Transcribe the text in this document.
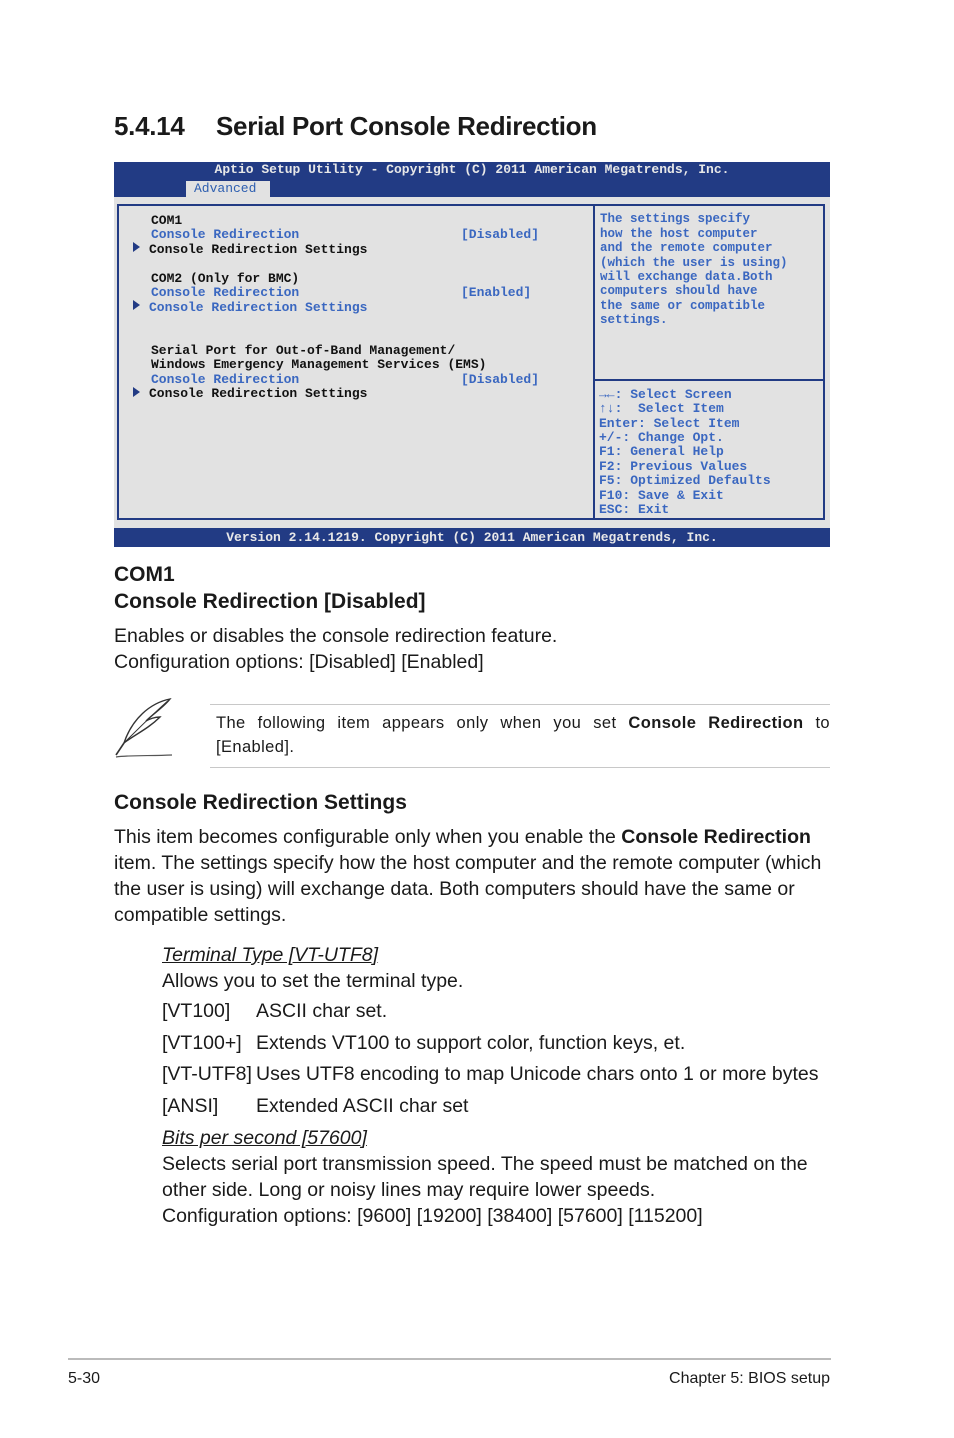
5.4.14 Serial Port Console Redirection
Aptio Setup Utility - Copyright (C) 2011 American Megatrends, Inc.
Advanced
COM1
Console Redirection	[Disabled]
Console Redirection Settings
COM2 (Only for BMC)
Console Redirection	[Enabled]
Console Redirection Settings
Serial Port for Out-of-Band Management/
Windows Emergency Management Services (EMS)
Console Redirection	[Disabled]
Console Redirection Settings
The settings specify
how the host computer
and the remote computer
(which the user is using)
will exchange data.Both
computers should have
the same or compatible
settings.
→←: Select Screen
↑↓:  Select Item
Enter: Select Item
+/-: Change Opt.
F1: General Help
F2: Previous Values
F5: Optimized Defaults
F10: Save & Exit
ESC: Exit
Version 2.14.1219. Copyright (C) 2011 American Megatrends, Inc.
COM1
Console Redirection [Disabled]
Enables or disables the console redirection feature.
Configuration options: [Disabled] [Enabled]
The following item appears only when you set Console Redirection to [Enabled].
Console Redirection Settings
This item becomes configurable only when you enable the Console Redirection item. The settings specify how the host computer and the remote computer (which the user is using) will exchange data. Both computers should have the same or compatible settings.
Terminal Type [VT-UTF8]
Allows you to set the terminal type.
[VT100] ASCII char set.
[VT100+] Extends VT100 to support color, function keys, et.
[VT-UTF8] Uses UTF8 encoding to map Unicode chars onto 1 or more bytes
[ANSI] Extended ASCII char set
Bits per second [57600]
Selects serial port transmission speed. The speed must be matched on the
other side. Long or noisy lines may require lower speeds.
Configuration options: [9600] [19200] [38400] [57600] [115200]
5-30	Chapter 5: BIOS setup
